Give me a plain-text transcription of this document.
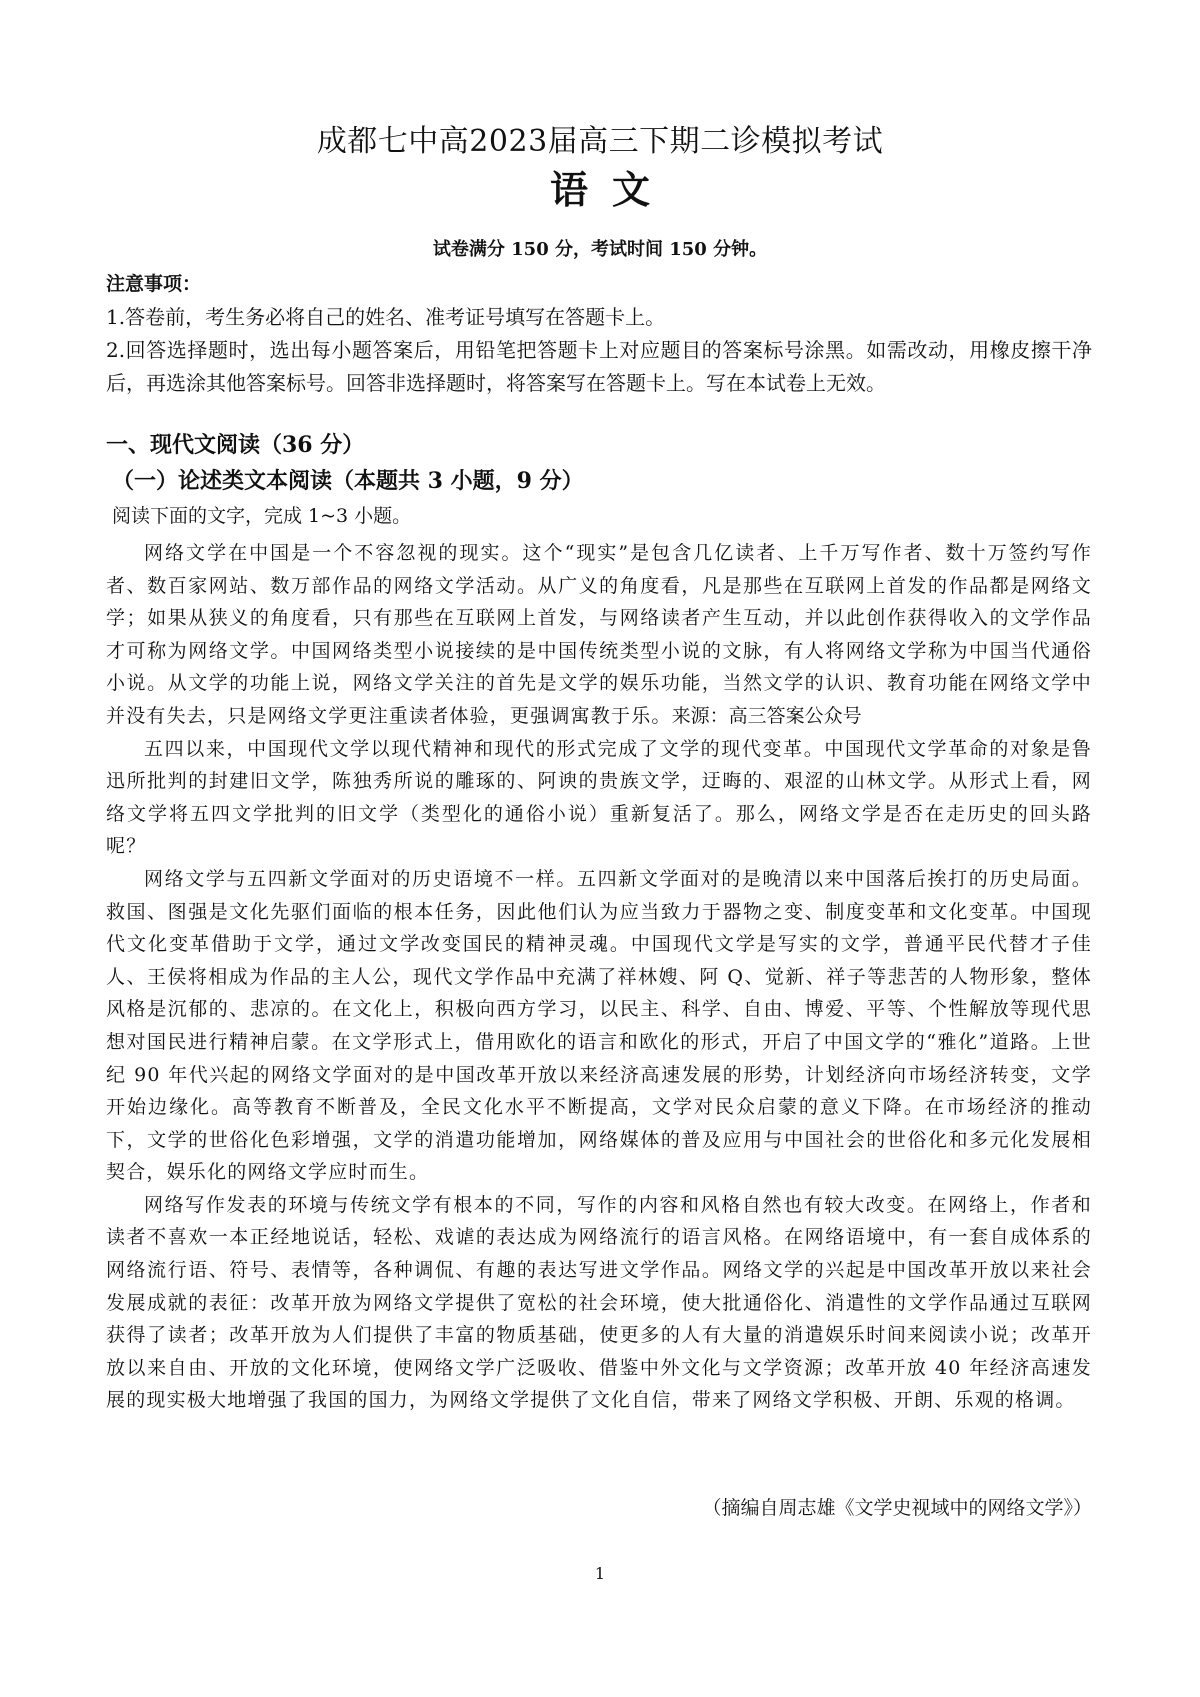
成都七中高2023届高三下期二诊模拟考试
语文
试卷满分 150 分，考试时间 150 分钟。
注意事项：
1.答卷前，考生务必将自己的姓名、准考证号填写在答题卡上。
2.回答选择题时，选出每小题答案后，用铅笔把答题卡上对应题目的答案标号涂黑。如需改动，用橡皮擦干净后，再选涂其他答案标号。回答非选择题时，将答案写在答题卡上。写在本试卷上无效。
一、现代文阅读（36 分）
（一）论述类文本阅读（本题共 3 小题，9 分）
阅读下面的文字，完成 1~3 小题。

网络文学在中国是一个不容忽视的现实。这个“现实”是包含几亿读者、上千万写作者、数十万签约写作者、数百家网站、数万部作品的网络文学活动。从广义的角度看，凡是那些在互联网上首发的作品都是网络文学；如果从狭义的角度看，只有那些在互联网上首发，与网络读者产生互动，并以此创作获得收入的文学作品才可称为网络文学。中国网络类型小说接续的是中国传统类型小说的文脉，有人将网络文学称为中国当代通俗小说。从文学的功能上说，网络文学关注的首先是文学的娱乐功能，当然文学的认识、教育功能在网络文学中并没有失去，只是网络文学更注重读者体验，更强调寓教于乐。来源：高三答案公众号

五四以来，中国现代文学以现代精神和现代的形式完成了文学的现代变革。中国现代文学革命的对象是鲁迅所批判的封建旧文学，陈独秀所说的雕琢的、阿谀的贵族文学，迂晦的、艰涩的山林文学。从形式上看，网络文学将五四文学批判的旧文学（类型化的通俗小说）重新复活了。那么，网络文学是否在走历史的回头路呢？

网络文学与五四新文学面对的历史语境不一样。五四新文学面对的是晚清以来中国落后挨打的历史局面。救国、图强是文化先驱们面临的根本任务，因此他们认为应当致力于器物之变、制度变革和文化变革。中国现代文化变革借助于文学，通过文学改变国民的精神灵魂。中国现代文学是写实的文学，普通平民代替才子佳人、王侯将相成为作品的主人公，现代文学作品中充满了祥林嫂、阿 Q、觉新、祥子等悲苦的人物形象，整体风格是沉郁的、悲凉的。在文化上，积极向西方学习，以民主、科学、自由、博爱、平等、个性解放等现代思想对国民进行精神启蒙。在文学形式上，借用欧化的语言和欧化的形式，开启了中国文学的“雅化”道路。上世纪 90 年代兴起的网络文学面对的是中国改革开放以来经济高速发展的形势，计划经济向市场经济转变，文学开始边缘化。高等教育不断普及，全民文化水平不断提高，文学对民众启蒙的意义下降。在市场经济的推动下，文学的世俗化色彩增强，文学的消遣功能增加，网络媒体的普及应用与中国社会的世俗化和多元化发展相契合，娱乐化的网络文学应时而生。

网络写作发表的环境与传统文学有根本的不同，写作的内容和风格自然也有较大改变。在网络上，作者和读者不喜欢一本正经地说话，轻松、戏谑的表达成为网络流行的语言风格。在网络语境中，有一套自成体系的网络流行语、符号、表情等，各种调侃、有趣的表达写进文学作品。网络文学的兴起是中国改革开放以来社会发展成就的表征：改革开放为网络文学提供了宽松的社会环境，使大批通俗化、消遣性的文学作品通过互联网获得了读者；改革开放为人们提供了丰富的物质基础，使更多的人有大量的消遣娱乐时间来阅读小说；改革开放以来自由、开放的文化环境，使网络文学广泛吸收、借鉴中外文化与文学资源；改革开放 40 年经济高速发展的现实极大地增强了我国的国力，为网络文学提供了文化自信，带来了网络文学积极、开朗、乐观的格调。

（摘编自周志雄《文学史视域中的网络文学》）
1
